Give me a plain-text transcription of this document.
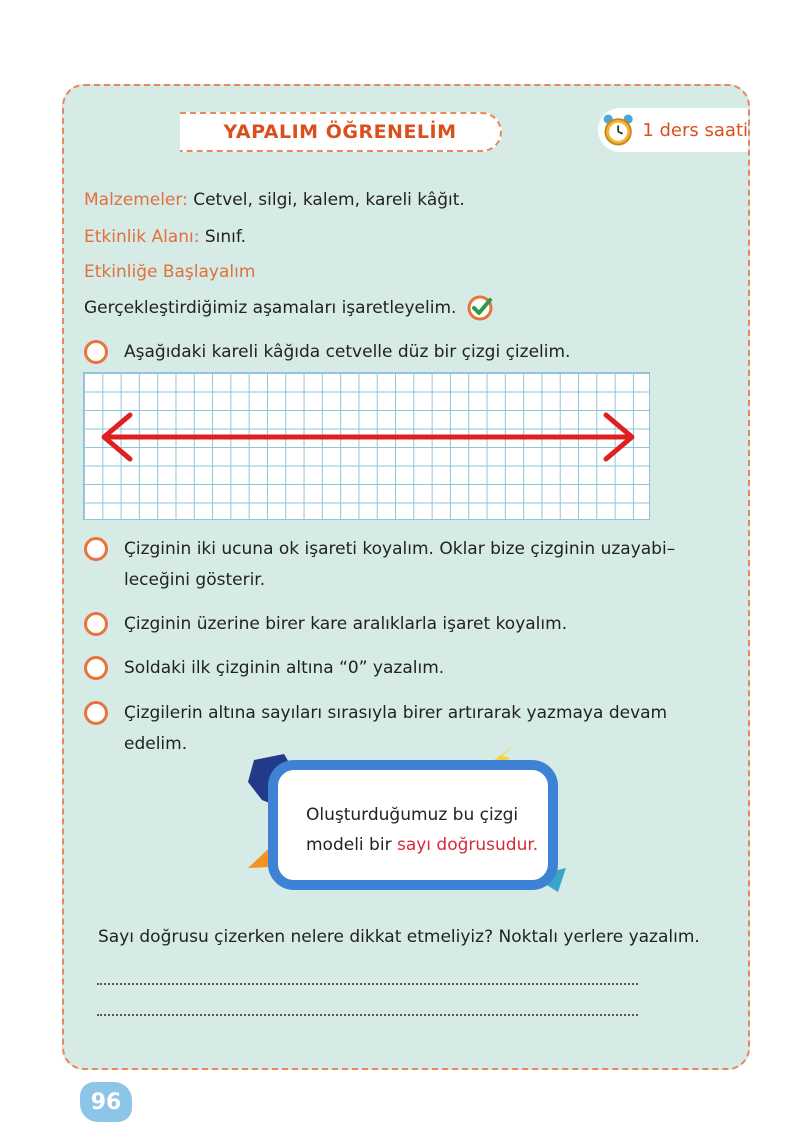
YAPALIM ÖĞRENELİM	1 ders saati
Malzemeler: Cetvel, silgi, kalem, kareli kâğıt.
Etkinlik Alanı: Sınıf.
Etkinliğe Başlayalım
Gerçekleştirdiğimiz aşamaları işaretleyelim.
Aşağıdaki kareli kâğıda cetvelle düz bir çizgi çizelim.
Çizginin iki ucuna ok işareti koyalım. Oklar bize çizginin uzayabi–
leceğini gösterir.
Çizginin üzerine birer kare aralıklarla işaret koyalım.
Soldaki ilk çizginin altına “0” yazalım.
Çizgilerin altına sayıları sırasıyla birer artırarak yazmaya devam
edelim.
Oluşturduğumuz bu çizgi
modeli bir sayı doğrusudur.
Sayı doğrusu çizerken nelere dikkat etmeliyiz? Noktalı yerlere yazalım.
96
